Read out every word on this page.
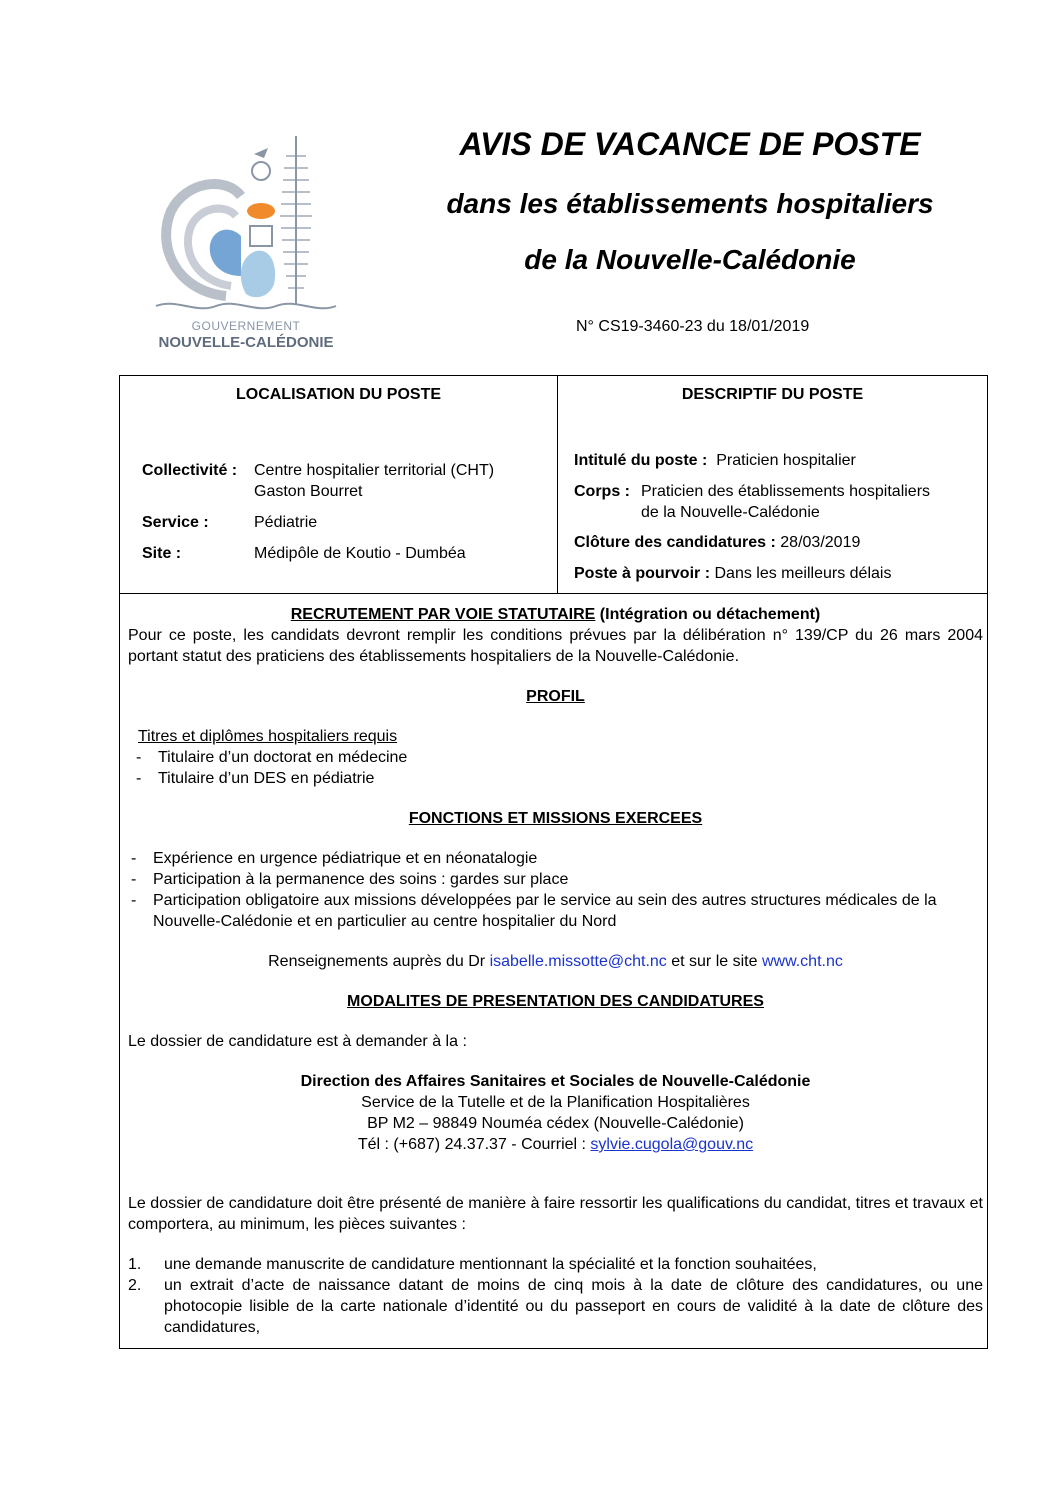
GOUVERNEMENT
NOUVELLE-CALÉDONIE
AVIS DE VACANCE DE POSTE
dans les établissements hospitaliers
de la Nouvelle-Calédonie
N° CS19-3460-23 du 18/01/2019
LOCALISATION DU POSTE
Collectivité : Centre hospitalier territorial (CHT)
Gaston Bourret
Service :	Pédiatrie
Site :	Médipôle de Koutio - Dumbéa
DESCRIPTIF DU POSTE
Intitulé du poste : Praticien hospitalier
Corps : Praticien des établissements hospitaliers
de la Nouvelle-Calédonie
Clôture des candidatures : 28/03/2019
Poste à pourvoir : Dans les meilleurs délais
RECRUTEMENT PAR VOIE STATUTAIRE (Intégration ou détachement)
Pour ce poste, les candidats devront remplir les conditions prévues par la délibération n° 139/CP du 26 mars 2004 portant statut des praticiens des établissements hospitaliers de la Nouvelle-Calédonie.
PROFIL
Titres et diplômes hospitaliers requis
- Titulaire d’un doctorat en médecine
- Titulaire d’un DES en pédiatrie
FONCTIONS ET MISSIONS EXERCEES
- Expérience en urgence pédiatrique et en néonatalogie
- Participation à la permanence des soins : gardes sur place
- Participation obligatoire aux missions développées par le service au sein des autres structures médicales de la Nouvelle-Calédonie et en particulier au centre hospitalier du Nord
Renseignements auprès du Dr isabelle.missotte@cht.nc et sur le site www.cht.nc
MODALITES DE PRESENTATION DES CANDIDATURES
Le dossier de candidature est à demander à la :
Direction des Affaires Sanitaires et Sociales de Nouvelle-Calédonie
Service de la Tutelle et de la Planification Hospitalières
BP M2 – 98849 Nouméa cédex (Nouvelle-Calédonie)
Tél : (+687) 24.37.37 - Courriel : sylvie.cugola@gouv.nc
Le dossier de candidature doit être présenté de manière à faire ressortir les qualifications du candidat, titres et travaux et comportera, au minimum, les pièces suivantes :
1. une demande manuscrite de candidature mentionnant la spécialité et la fonction souhaitées,
2. un extrait d’acte de naissance datant de moins de cinq mois à la date de clôture des candidatures, ou une photocopie lisible de la carte nationale d’identité ou du passeport en cours de validité à la date de clôture des candidatures,
